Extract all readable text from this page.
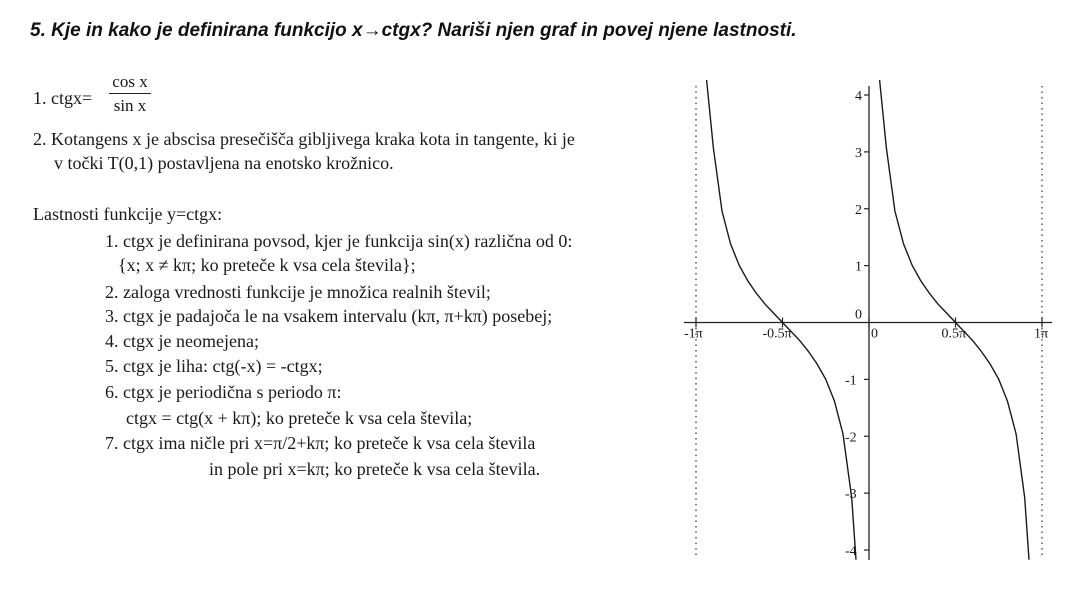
5. Kje in kako je definirana funkcijo x→ctgx? Nariši njen graf in povej njene lastnosti.
1. ctgx= $\frac{\text{cos x}}{\text{sin x}}$
2. Kotangens x je abscisa presečišča gibljivega kraka kota in tangente, ki je
v točki T(0,1) postavljena na enotsko krožnico.
Lastnosti funkcije y=ctgx:
1. ctgx je definirana povsod, kjer je funkcija sin(x) različna od 0:
{x; x ≠ kπ; ko preteče k vsa cela števila};
2. zaloga vrednosti funkcije je množica realnih števil;
3. ctgx je padajoča le na vsakem intervalu (kπ, π+kπ) posebej;
4. ctgx je neomejena;
5. ctgx je liha: ctg(-x) = -ctgx;
6. ctgx je periodična s periodo π:
ctgx = ctg(x + kπ); ko preteče k vsa cela števila;
7. ctgx ima ničle pri x=π/2+kπ; ko preteče k vsa cela števila
in pole pri x=kπ; ko preteče k vsa cela števila.
-1π	-0.5π	0	0.5π	1π
4
3
2
1
0
-1
-2
-3
-4
